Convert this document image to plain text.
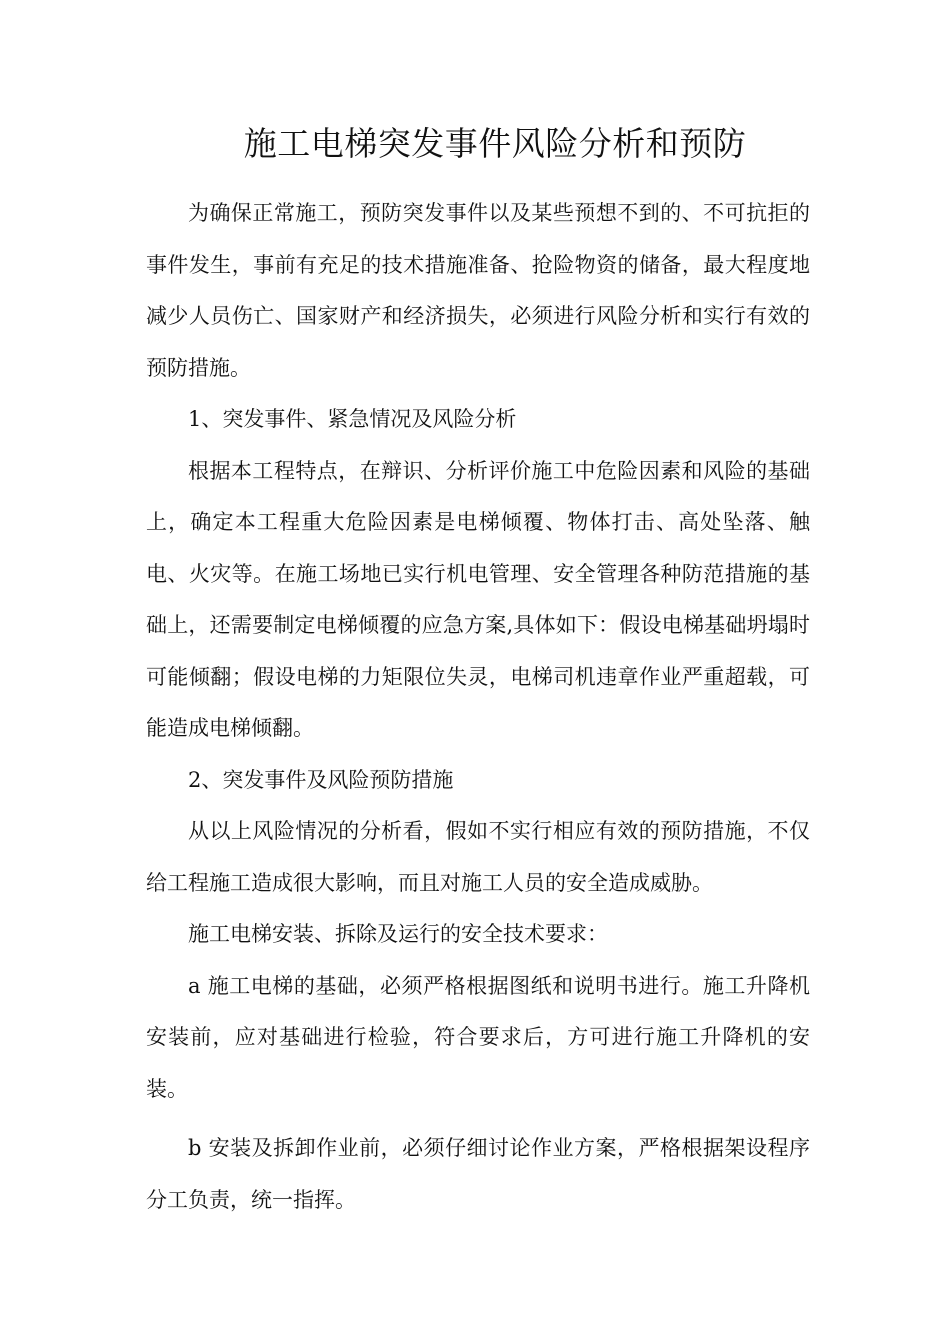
施工电梯突发事件风险分析和预防

为确保正常施工，预防突发事件以及某些预想不到的、不可抗拒的事件发生，事前有充足的技术措施准备、抢险物资的储备，最大程度地减少人员伤亡、国家财产和经济损失，必须进行风险分析和实行有效的预防措施。

1、突发事件、紧急情况及风险分析

根据本工程特点，在辩识、分析评价施工中危险因素和风险的基础上，确定本工程重大危险因素是电梯倾覆、物体打击、高处坠落、触电、火灾等。在施工场地已实行机电管理、安全管理各种防范措施的基础上，还需要制定电梯倾覆的应急方案,具体如下：假设电梯基础坍塌时可能倾翻；假设电梯的力矩限位失灵，电梯司机违章作业严重超载，可能造成电梯倾翻。

2、突发事件及风险预防措施

从以上风险情况的分析看，假如不实行相应有效的预防措施，不仅给工程施工造成很大影响，而且对施工人员的安全造成威胁。

施工电梯安装、拆除及运行的安全技术要求：

a 施工电梯的基础，必须严格根据图纸和说明书进行。施工升降机安装前，应对基础进行检验，符合要求后，方可进行施工升降机的安装。

b 安装及拆卸作业前，必须仔细讨论作业方案，严格根据架设程序分工负责，统一指挥。
